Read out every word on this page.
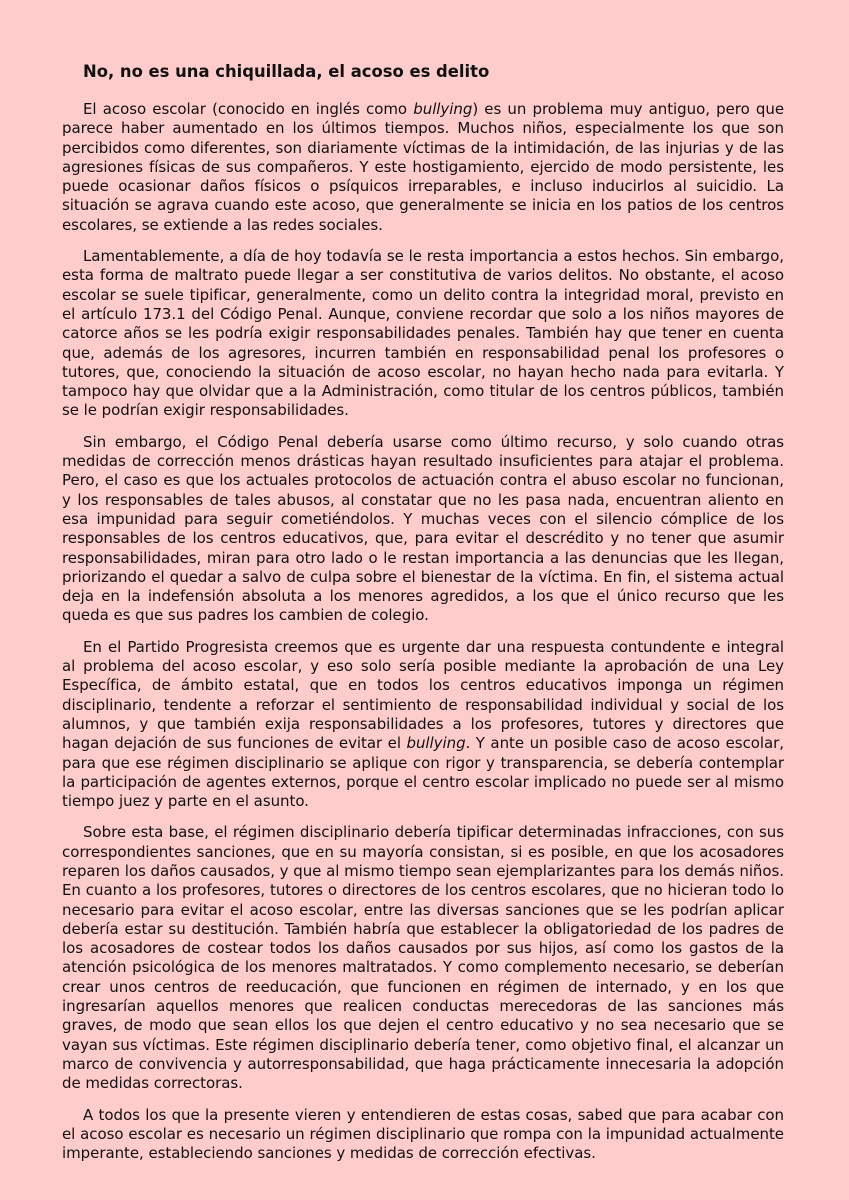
No, no es una chiquillada, el acoso es delito

El acoso escolar (conocido en inglés como bullying) es un problema muy antiguo, pero que parece haber aumentado en los últimos tiempos. Muchos niños, especialmente los que son percibidos como diferentes, son diariamente víctimas de la intimidación, de las injurias y de las agresiones físicas de sus compañeros. Y este hostigamiento, ejercido de modo persistente, les puede ocasionar daños físicos o psíquicos irreparables, e incluso inducirlos al suicidio. La situación se agrava cuando este acoso, que generalmente se inicia en los patios de los centros escolares, se extiende a las redes sociales.

Lamentablemente, a día de hoy todavía se le resta importancia a estos hechos. Sin embargo, esta forma de maltrato puede llegar a ser constitutiva de varios delitos. No obstante, el acoso escolar se suele tipificar, generalmente, como un delito contra la integridad moral, previsto en el artículo 173.1 del Código Penal. Aunque, conviene recordar que solo a los niños mayores de catorce años se les podría exigir responsabilidades penales. También hay que tener en cuenta que, además de los agresores, incurren también en responsabilidad penal los profesores o tutores, que, conociendo la situación de acoso escolar, no hayan hecho nada para evitarla. Y tampoco hay que olvidar que a la Administración, como titular de los centros públicos, también se le podrían exigir responsabilidades.

Sin embargo, el Código Penal debería usarse como último recurso, y solo cuando otras medidas de corrección menos drásticas hayan resultado insuficientes para atajar el problema. Pero, el caso es que los actuales protocolos de actuación contra el abuso escolar no funcionan, y los responsables de tales abusos, al constatar que no les pasa nada, encuentran aliento en esa impunidad para seguir cometiéndolos. Y muchas veces con el silencio cómplice de los responsables de los centros educativos, que, para evitar el descrédito y no tener que asumir responsabilidades, miran para otro lado o le restan importancia a las denuncias que les llegan, priorizando el quedar a salvo de culpa sobre el bienestar de la víctima. En fin, el sistema actual deja en la indefensión absoluta a los menores agredidos, a los que el único recurso que les queda es que sus padres los cambien de colegio.

En el Partido Progresista creemos que es urgente dar una respuesta contundente e integral al problema del acoso escolar, y eso solo sería posible mediante la aprobación de una Ley Específica, de ámbito estatal, que en todos los centros educativos imponga un régimen disciplinario, tendente a reforzar el sentimiento de responsabilidad individual y social de los alumnos, y que también exija responsabilidades a los profesores, tutores y directores que hagan dejación de sus funciones de evitar el bullying. Y ante un posible caso de acoso escolar, para que ese régimen disciplinario se aplique con rigor y transparencia, se debería contemplar la participación de agentes externos, porque el centro escolar implicado no puede ser al mismo tiempo juez y parte en el asunto.

Sobre esta base, el régimen disciplinario debería tipificar determinadas infracciones, con sus correspondientes sanciones, que en su mayoría consistan, si es posible, en que los acosadores reparen los daños causados, y que al mismo tiempo sean ejemplarizantes para los demás niños. En cuanto a los profesores, tutores o directores de los centros escolares, que no hicieran todo lo necesario para evitar el acoso escolar, entre las diversas sanciones que se les podrían aplicar debería estar su destitución. También habría que establecer la obligatoriedad de los padres de los acosadores de costear todos los daños causados por sus hijos, así como los gastos de la atención psicológica de los menores maltratados. Y como complemento necesario, se deberían crear unos centros de reeducación, que funcionen en régimen de internado, y en los que ingresarían aquellos menores que realicen conductas merecedoras de las sanciones más graves, de modo que sean ellos los que dejen el centro educativo y no sea necesario que se vayan sus víctimas. Este régimen disciplinario debería tener, como objetivo final, el alcanzar un marco de convivencia y autorresponsabilidad, que haga prácticamente innecesaria la adopción de medidas correctoras.

A todos los que la presente vieren y entendieren de estas cosas, sabed que para acabar con el acoso escolar es necesario un régimen disciplinario que rompa con la impunidad actualmente imperante, estableciendo sanciones y medidas de corrección efectivas.
